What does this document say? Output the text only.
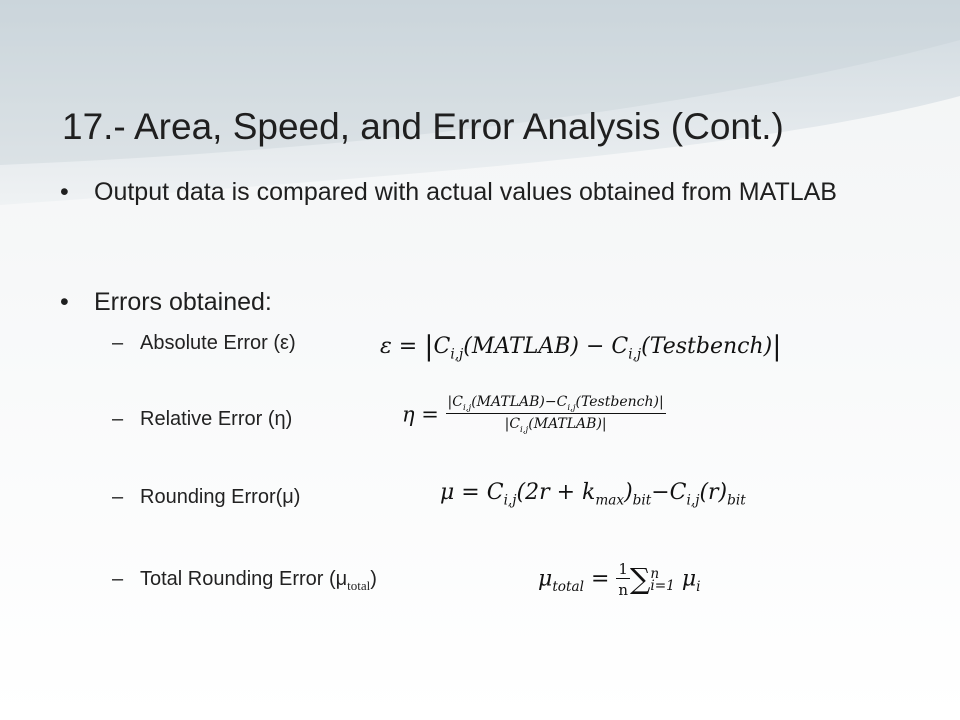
17.- Area, Speed, and Error Analysis (Cont.)
•	Output data is compared with actual values obtained from MATLAB
•	Errors obtained:
– Absolute Error (ε)
– Relative Error (η)
– Rounding Error(μ)
– Total Rounding Error $(\mu_{total})$
$\varepsilon = |C_{i,j}(MATLAB)$ − $C_{i,j}(Testbench)|$
$\eta = \frac{|C_{i,j}(MATLAB)-C_{i,j}(Testbench)|}{|C_{i,j}(MATLAB)|}$
$\mu = C_{i,j}(2r + k_{max})_{bit}-C_{i,j}(r)_{bit}$
$\mu_{total} = \frac{1}{n}$ ∑ n
i=1 $\mu_i$
